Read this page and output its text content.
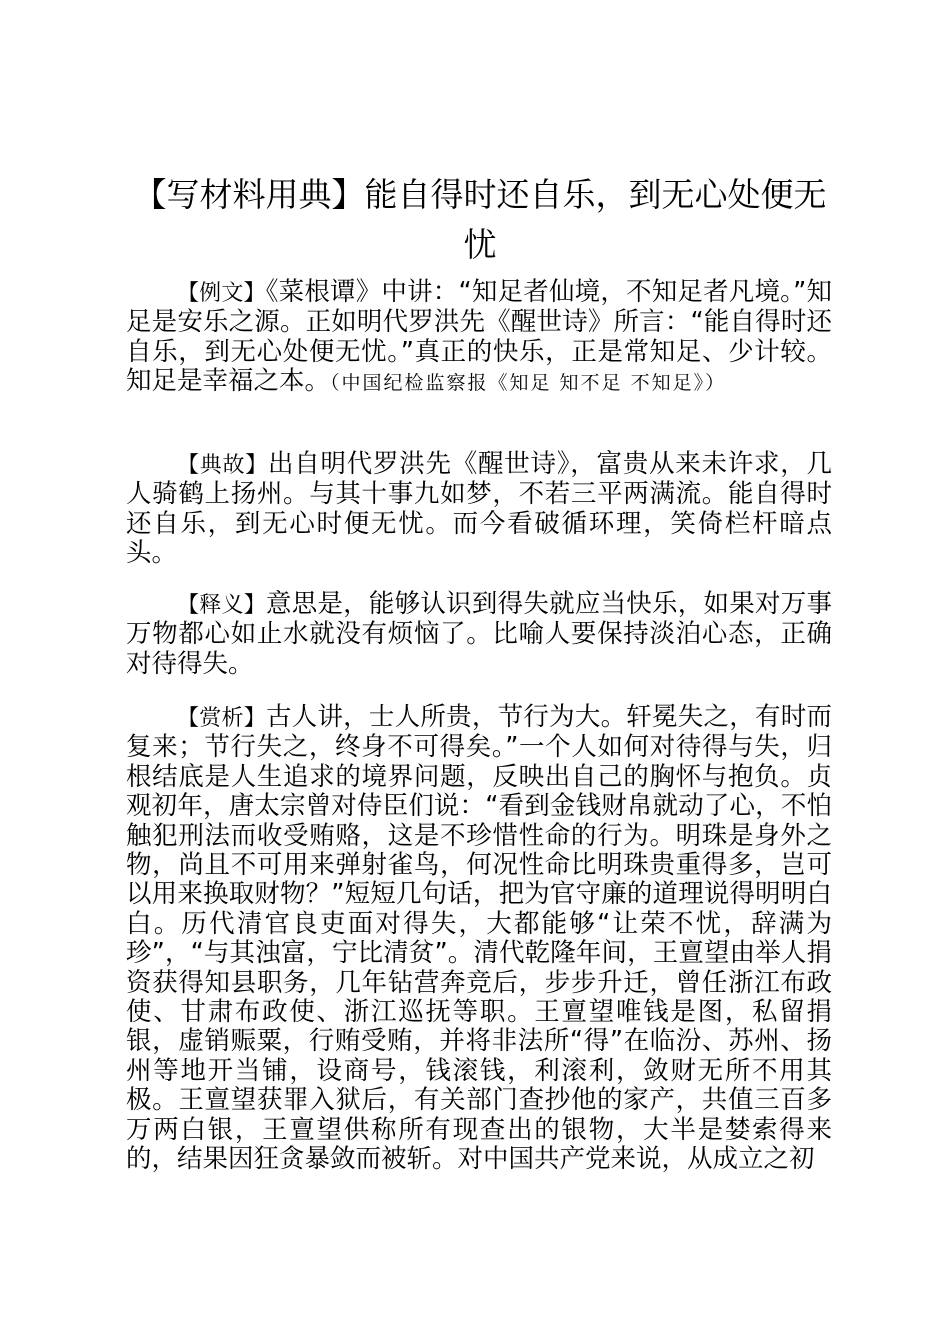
【写材料用典】能自得时还自乐，到无心处便无忧

【例文】《菜根谭》中讲：“知足者仙境，不知足者凡境。”知足是安乐之源。正如明代罗洪先《醒世诗》所言：“能自得时还自乐，到无心处便无忧。”真正的快乐，正是常知足、少计较。知足是幸福之本。（中国纪检监察报《知足 知不足 不知足》）

【典故】出自明代罗洪先《醒世诗》，富贵从来未许求，几人骑鹤上扬州。与其十事九如梦，不若三平两满流。能自得时还自乐，到无心时便无忧。而今看破循环理，笑倚栏杆暗点头。

【释义】意思是，能够认识到得失就应当快乐，如果对万事万物都心如止水就没有烦恼了。比喻人要保持淡泊心态，正确对待得失。

【赏析】古人讲，士人所贵，节行为大。轩冕失之，有时而复来；节行失之，终身不可得矣。”一个人如何对待得与失，归根结底是人生追求的境界问题，反映出自己的胸怀与抱负。贞观初年，唐太宗曾对侍臣们说：“看到金钱财帛就动了心，不怕触犯刑法而收受贿赂，这是不珍惜性命的行为。明珠是身外之物，尚且不可用来弹射雀鸟，何况性命比明珠贵重得多，岂可以用来换取财物？”短短几句话，把为官守廉的道理说得明明白白。历代清官良吏面对得失，大都能够“让荣不忧，辞满为珍”，“与其浊富，宁比清贫”。清代乾隆年间，王亶望由举人捐资获得知县职务，几年钻营奔竞后，步步升迁，曾任浙江布政使、甘肃布政使、浙江巡抚等职。王亶望唯钱是图，私留捐银，虚销赈粟，行贿受贿，并将非法所“得”在临汾、苏州、扬州等地开当铺，设商号，钱滚钱，利滚利，敛财无所不用其极。王亶望获罪入狱后，有关部门查抄他的家产，共值三百多万两白银，王亶望供称所有现查出的银物，大半是婪索得来的，结果因狂贪暴敛而被斩。对中国共产党来说，从成立之初
